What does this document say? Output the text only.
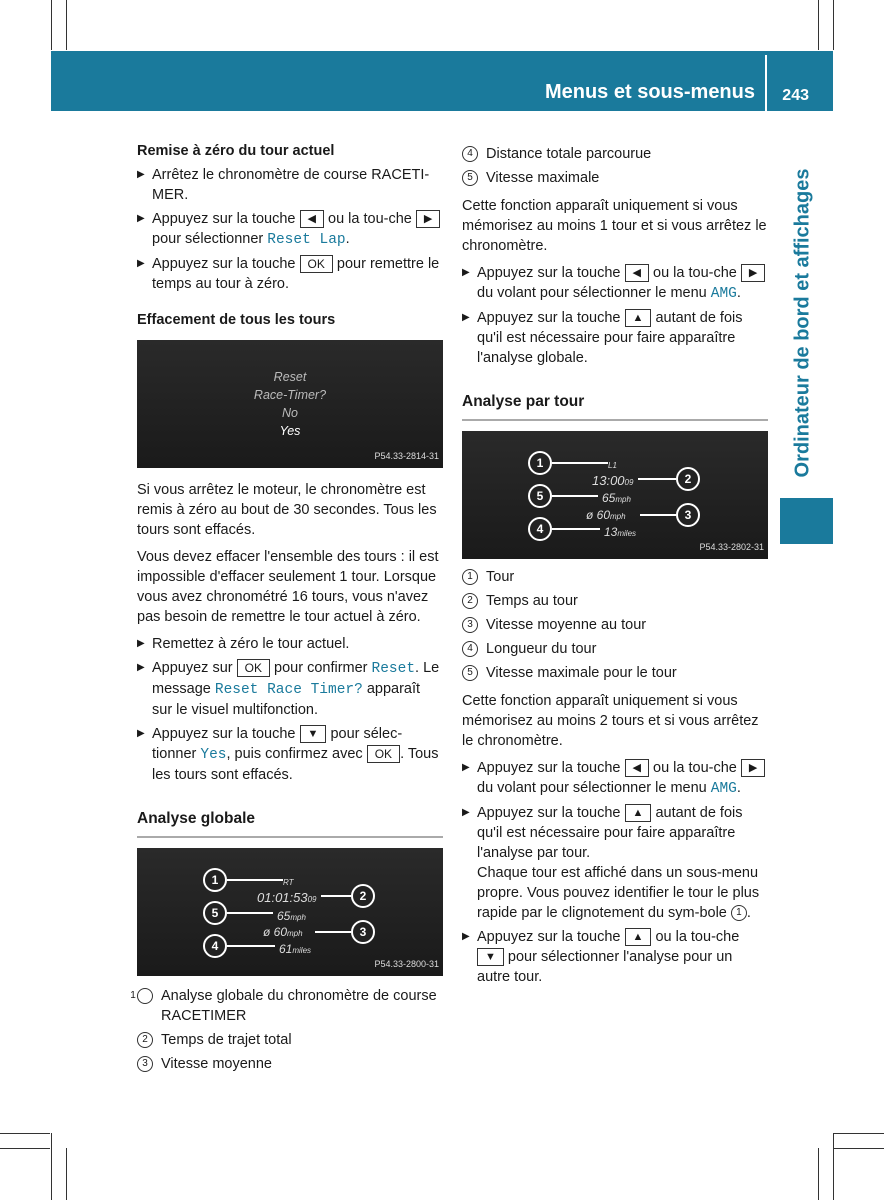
Menus et sous-menus 243
Ordinateur de bord et affichages

Remise à zéro du tour actuel

▶ Arrêtez le chronomètre de course RACETI-MER.
▶ Appuyez sur la touche ◀ ou la tou-che ▶ pour sélectionner Reset Lap.
▶ Appuyez sur la touche OK pour remettre le temps au tour à zéro.

Effacement de tous les tours

Reset
Race-Timer?
No
Yes
P54.33-2814-31

Si vous arrêtez le moteur, le chronomètre est remis à zéro au bout de 30 secondes. Tous les tours sont effacés.

Vous devez effacer l'ensemble des tours : il est impossible d'effacer seulement 1 tour. Lorsque vous avez chronométré 16 tours, vous n'avez pas besoin de remettre le tour actuel à zéro.

▶ Remettez à zéro le tour actuel.
▶ Appuyez sur OK pour confirmer Reset. Le message Reset Race Timer? apparaît sur le visuel multifonction.
▶ Appuyez sur la touche ▼ pour sélec-tionner Yes, puis confirmez avec OK . Tous les tours sont effacés.

Analyse globale

RT
01:01:5309
65mph
ø 60mph
61miles
1
5
4
2
3
P54.33-2800-31
1 Analyse globale du chronomètre de course RACETIMER
2 Temps de trajet total
3 Vitesse moyenne
4 Distance totale parcourue
5 Vitesse maximale

Cette fonction apparaît uniquement si vous mémorisez au moins 1 tour et si vous arrêtez le chronomètre.

▶ Appuyez sur la touche ◀ ou la tou-che ▶ du volant pour sélectionner le menu AMG.
▶ Appuyez sur la touche ▲ autant de fois qu'il est nécessaire pour faire apparaître l'analyse globale.

Analyse par tour

L1
13:0009
65mph
ø 60mph
13miles
1
5
4
2
3
P54.33-2802-31
1 Tour
2 Temps au tour
3 Vitesse moyenne au tour
4 Longueur du tour
5 Vitesse maximale pour le tour

Cette fonction apparaît uniquement si vous mémorisez au moins 2 tours et si vous arrêtez le chronomètre.

▶ Appuyez sur la touche ◀ ou la tou-che ▶ du volant pour sélectionner le menu AMG.
▶ Appuyez sur la touche ▲ autant de fois qu'il est nécessaire pour faire apparaître l'analyse par tour.
Chaque tour est affiché dans un sous-menu propre. Vous pouvez identifier le tour le plus rapide par le clignotement du sym-bole 1 .
▶ Appuyez sur la touche ▲ ou la tou-che ▼ pour sélectionner l'analyse pour un autre tour.
